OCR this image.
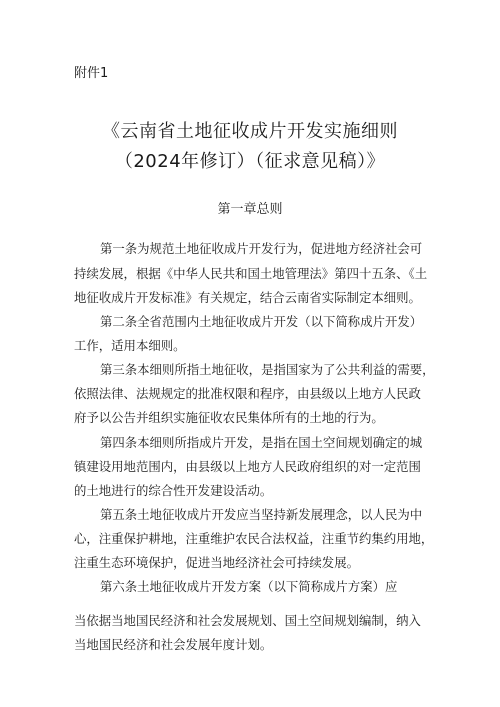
附件1
《云南省土地征收成片开发实施细则
（2024年修订）（征求意见稿）》
第一章总则
第一条为规范土地征收成片开发行为，促进地方经济社会可
持续发展，根据《中华人民共和国土地管理法》第四十五条、《土
地征收成片开发标准》有关规定，结合云南省实际制定本细则。
第二条全省范围内土地征收成片开发（以下简称成片开发）
工作，适用本细则。
第三条本细则所指土地征收，是指国家为了公共利益的需要，
依照法律、法规规定的批准权限和程序，由县级以上地方人民政
府予以公告并组织实施征收农民集体所有的土地的行为。
第四条本细则所指成片开发，是指在国土空间规划确定的城
镇建设用地范围内，由县级以上地方人民政府组织的对一定范围
的土地进行的综合性开发建设活动。
第五条土地征收成片开发应当坚持新发展理念，以人民为中
心，注重保护耕地，注重维护农民合法权益，注重节约集约用地，
注重生态环境保护，促进当地经济社会可持续发展。
第六条土地征收成片开发方案（以下简称成片方案）应
当依据当地国民经济和社会发展规划、国土空间规划编制，纳入
当地国民经济和社会发展年度计划。
